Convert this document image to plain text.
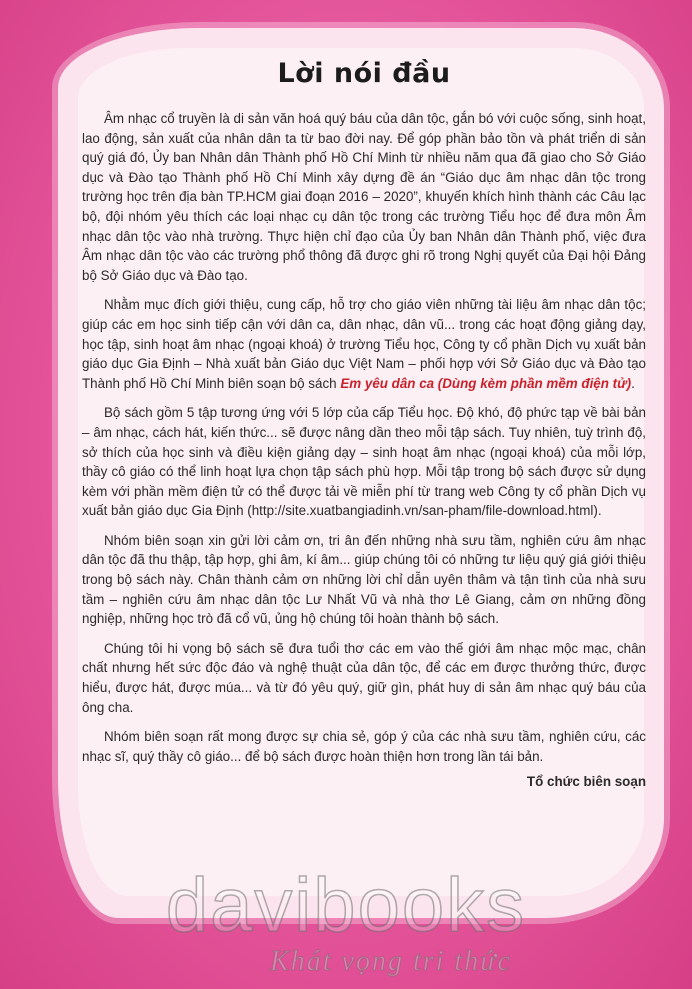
Lời nói đầu

Âm nhạc cổ truyền là di sản văn hoá quý báu của dân tộc, gắn bó với cuộc sống, sinh hoạt, lao động, sản xuất của nhân dân ta từ bao đời nay. Để góp phần bảo tồn và phát triển di sản quý giá đó, Ủy ban Nhân dân Thành phố Hồ Chí Minh từ nhiều năm qua đã giao cho Sở Giáo dục và Đào tạo Thành phố Hồ Chí Minh xây dựng đề án “Giáo dục âm nhạc dân tộc trong trường học trên địa bàn TP.HCM giai đoạn 2016 – 2020”, khuyến khích hình thành các Câu lạc bộ, đội nhóm yêu thích các loại nhạc cụ dân tộc trong các trường Tiểu học để đưa môn Âm nhạc dân tộc vào nhà trường. Thực hiện chỉ đạo của Ủy ban Nhân dân Thành phố, việc đưa Âm nhạc dân tộc vào các trường phổ thông đã được ghi rõ trong Nghị quyết của Đại hội Đảng bộ Sở Giáo dục và Đào tạo.

Nhằm mục đích giới thiệu, cung cấp, hỗ trợ cho giáo viên những tài liệu âm nhạc dân tộc; giúp các em học sinh tiếp cận với dân ca, dân nhạc, dân vũ... trong các hoạt động giảng dạy, học tập, sinh hoạt âm nhạc (ngoại khoá) ở trường Tiểu học, Công ty cổ phần Dịch vụ xuất bản giáo dục Gia Định – Nhà xuất bản Giáo dục Việt Nam – phối hợp với Sở Giáo dục và Đào tạo Thành phố Hồ Chí Minh biên soạn bộ sách Em yêu dân ca (Dùng kèm phần mềm điện tử).

Bộ sách gồm 5 tập tương ứng với 5 lớp của cấp Tiểu học. Độ khó, độ phức tạp về bài bản – âm nhạc, cách hát, kiến thức... sẽ được nâng dần theo mỗi tập sách. Tuy nhiên, tuỳ trình độ, sở thích của học sinh và điều kiện giảng dạy – sinh hoạt âm nhạc (ngoại khoá) của mỗi lớp, thầy cô giáo có thể linh hoạt lựa chọn tập sách phù hợp. Mỗi tập trong bộ sách được sử dụng kèm với phần mềm điện tử có thể được tải về miễn phí từ trang web Công ty cổ phần Dịch vụ xuất bản giáo dục Gia Định (http://site.xuatbangiadinh.vn/san-pham/file-download.html).

Nhóm biên soạn xin gửi lời cảm ơn, tri ân đến những nhà sưu tầm, nghiên cứu âm nhạc dân tộc đã thu thập, tập hợp, ghi âm, kí âm... giúp chúng tôi có những tư liệu quý giá giới thiệu trong bộ sách này. Chân thành cảm ơn những lời chỉ dẫn uyên thâm và tận tình của nhà sưu tầm – nghiên cứu âm nhạc dân tộc Lư Nhất Vũ và nhà thơ Lê Giang, cảm ơn những đồng nghiệp, những học trò đã cổ vũ, ủng hộ chúng tôi hoàn thành bộ sách.

Chúng tôi hi vọng bộ sách sẽ đưa tuổi thơ các em vào thế giới âm nhạc mộc mạc, chân chất nhưng hết sức độc đáo và nghệ thuật của dân tộc, để các em được thưởng thức, được hiểu, được hát, được múa... và từ đó yêu quý, giữ gìn, phát huy di sản âm nhạc quý báu của ông cha.

Nhóm biên soạn rất mong được sự chia sẻ, góp ý của các nhà sưu tầm, nghiên cứu, các nhạc sĩ, quý thầy cô giáo... để bộ sách được hoàn thiện hơn trong lần tái bản.

Tổ chức biên soạn
davibooks
Khát vọng tri thức
